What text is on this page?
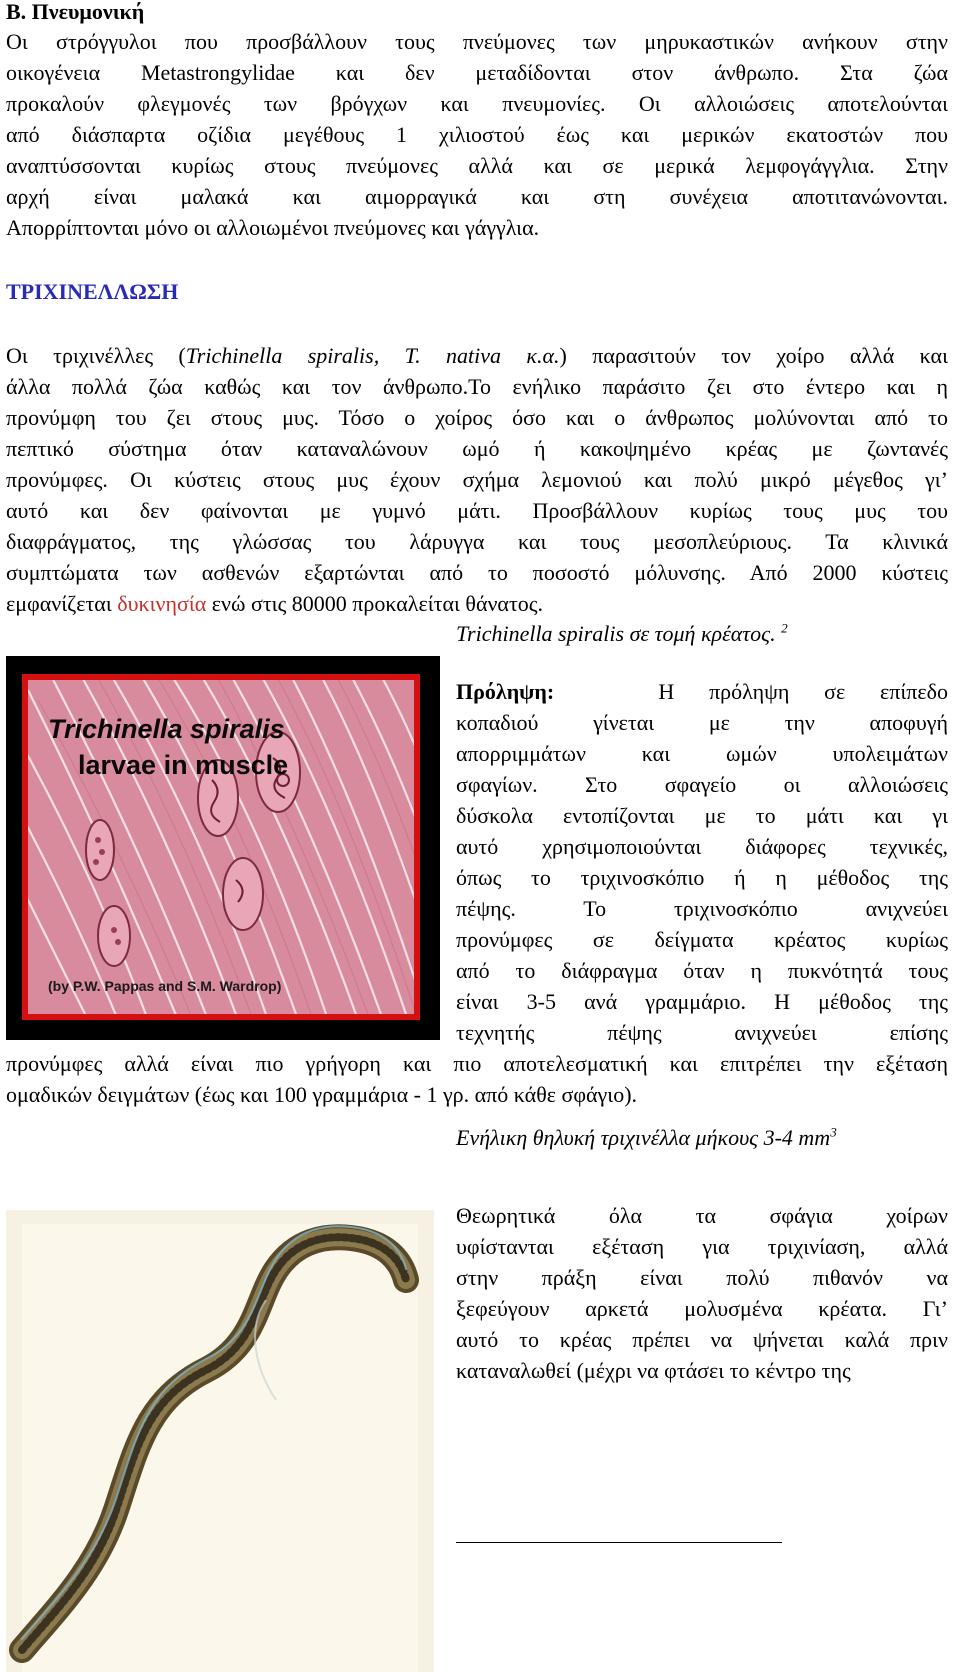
Β. Πνευμονική

Οι στρόγγυλοι που προσβάλλουν τους πνεύμονες των μηρυκαστικών ανήκουν στην

οικογένεια Metastrongylidae και δεν μεταδίδονται στον άνθρωπο. Στα ζώα

προκαλούν φλεγμονές των βρόγχων και πνευμονίες. Οι αλλοιώσεις αποτελούνται

από διάσπαρτα οζίδια μεγέθους 1 χιλιοστού έως και μερικών εκατοστών που

αναπτύσσονται κυρίως στους πνεύμονες αλλά και σε μερικά λεμφογάγγλια. Στην

αρχή είναι μαλακά και αιμορραγικά και στη συνέχεια αποτιτανώνονται.

Απορρίπτονται μόνο οι αλλοιωμένοι πνεύμονες και γάγγλια.

ΤΡΙΧΙΝΕΛΛΩΣΗ

Οι τριχινέλλες (Trichinella spiralis, T. nativa κ.α.) παρασιτούν τον χοίρο αλλά και

άλλα πολλά ζώα καθώς και τον άνθρωπο.Το ενήλικο παράσιτο ζει στο έντερο και η

προνύμφη του ζει στους μυς. Τόσο ο χοίρος όσο και ο άνθρωπος μολύνονται από το

πεπτικό σύστημα όταν καταναλώνουν ωμό ή κακοψημένο κρέας με ζωντανές

προνύμφες. Οι κύστεις στους μυς έχουν σχήμα λεμονιού και πολύ μικρό μέγεθος γι’

αυτό και δεν φαίνονται με γυμνό μάτι. Προσβάλλουν κυρίως τους μυς του

διαφράγματος, της γλώσσας του λάρυγγα και τους μεσοπλεύριους. Τα κλινικά

συμπτώματα των ασθενών εξαρτώνται από το ποσοστό μόλυνσης. Από 2000 κύστεις

εμφανίζεται δυκινησία ενώ στις 80000 προκαλείται θάνατος.

Trichinella spiralis
larvae in muscle
(by P.W. Pappas and S.M. Wardrop)

Trichinella spiralis σε τομή κρέατος. $^2$

Πρόληψη:	Η πρόληψη σε επίπεδο

κοπαδιού γίνεται με την αποφυγή

απορριμμάτων και ωμών υπολειμάτων

σφαγίων. Στο σφαγείο οι αλλοιώσεις

δύσκολα εντοπίζονται με το μάτι και γι

αυτό χρησιμοποιούνται διάφορες τεχνικές,

όπως το τριχινοσκόπιο ή η μέθοδος της

πέψης. Το τριχινοσκόπιο ανιχνεύει

προνύμφες σε δείγματα κρέατος κυρίως

από το διάφραγμα όταν η πυκνότητά τους

είναι 3-5 ανά γραμμάριο. Η μέθοδος της

τεχνητής πέψης ανιχνεύει επίσης

προνύμφες αλλά είναι πιο γρήγορη και πιο αποτελεσματική και επιτρέπει την εξέταση

ομαδικών δειγμάτων (έως και 100 γραμμάρια - 1 γρ. από κάθε σφάγιο).

Ενήλικη θηλυκή τριχινέλλα μήκους 3-4 $mm^3$

Θεωρητικά όλα τα σφάγια χοίρων

υφίστανται εξέταση για τριχινίαση, αλλά

στην πράξη είναι πολύ πιθανόν να

ξεφεύγουν αρκετά μολυσμένα κρέατα. Γι’

αυτό το κρέας πρέπει να ψήνεται καλά πριν

καταναλωθεί (μέχρι να φτάσει το κέντρο της
